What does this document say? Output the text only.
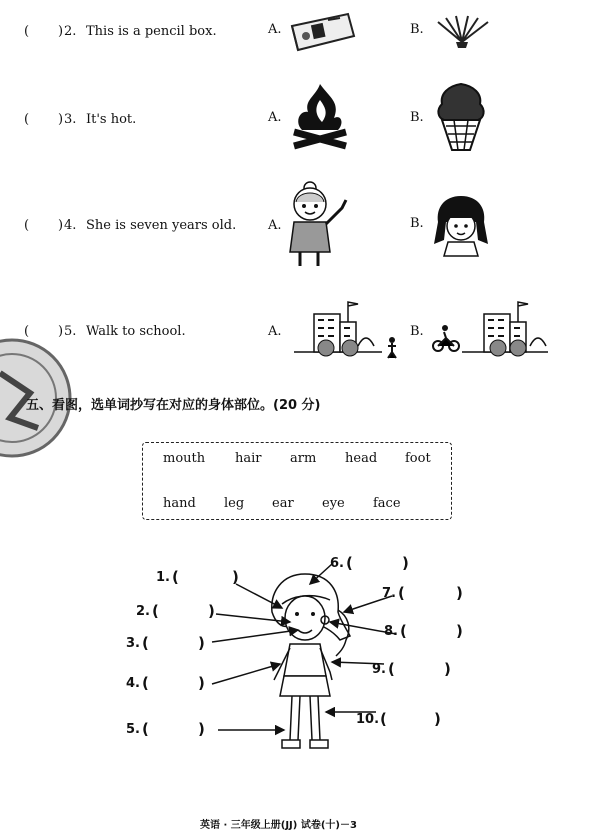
( ) 2. This is a pencil box.	A.	B.
( ) 3. It's hot.	A.	B.
( ) 4. She is seven years old. A.	B.
( ) 5. Walk to school.	A.	B.
五、看图，选单词抄写在对应的身体部位。(20 分)
mouth hair arm head foot
hand leg ear eye face
1. (	)
2. (	)
3. (	)
4. (	)
5. (	)
6. (	)
7. (	)
8. (	)
9. (	)
10. (	)
英语 · 三年级上册(JJ) 试卷(十)－3
